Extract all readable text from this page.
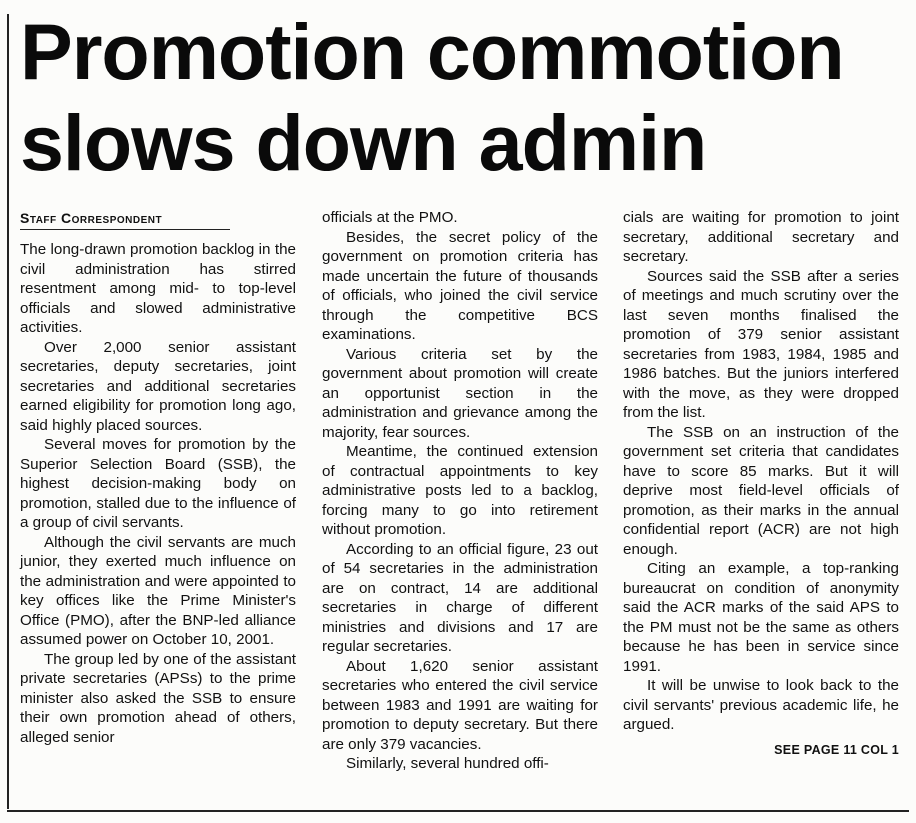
Promotion commotion
slows down admin
Staff Correspondent

The long-drawn promotion backlog in the civil administration has stirred resentment among mid- to top-level officials and slowed administrative activities.

Over 2,000 senior assistant secretaries, deputy secretaries, joint secretaries and additional secretaries earned eligibility for promotion long ago, said highly placed sources.

Several moves for promotion by the Superior Selection Board (SSB), the highest decision-making body on promotion, stalled due to the influence of a group of civil servants.

Although the civil servants are much junior, they exerted much influence on the administration and were appointed to key offices like the Prime Minister's Office (PMO), after the BNP-led alliance assumed power on October 10, 2001.

The group led by one of the assistant private secretaries (APSs) to the prime minister also asked the SSB to ensure their own promotion ahead of others, alleged senior

officials at the PMO.

Besides, the secret policy of the government on promotion criteria has made uncertain the future of thousands of officials, who joined the civil service through the competitive BCS examinations.

Various criteria set by the government about promotion will create an opportunist section in the administration and grievance among the majority, fear sources.

Meantime, the continued extension of contractual appointments to key administrative posts led to a backlog, forcing many to go into retirement without promotion.

According to an official figure, 23 out of 54 secretaries in the administration are on contract, 14 are additional secretaries in charge of different ministries and divisions and 17 are regular secretaries.

About 1,620 senior assistant secretaries who entered the civil service between 1983 and 1991 are waiting for promotion to deputy secretary. But there are only 379 vacancies.

Similarly, several hundred offi-

cials are waiting for promotion to joint secretary, additional secretary and secretary.

Sources said the SSB after a series of meetings and much scrutiny over the last seven months finalised the promotion of 379 senior assistant secretaries from 1983, 1984, 1985 and 1986 batches. But the juniors interfered with the move, as they were dropped from the list.

The SSB on an instruction of the government set criteria that candidates have to score 85 marks. But it will deprive most field-level officials of promotion, as their marks in the annual confidential report (ACR) are not high enough.

Citing an example, a top-ranking bureaucrat on condition of anonymity said the ACR marks of the said APS to the PM must not be the same as others because he has been in service since 1991.

It will be unwise to look back to the civil servants' previous academic life, he argued.

SEE PAGE 11 COL 1
